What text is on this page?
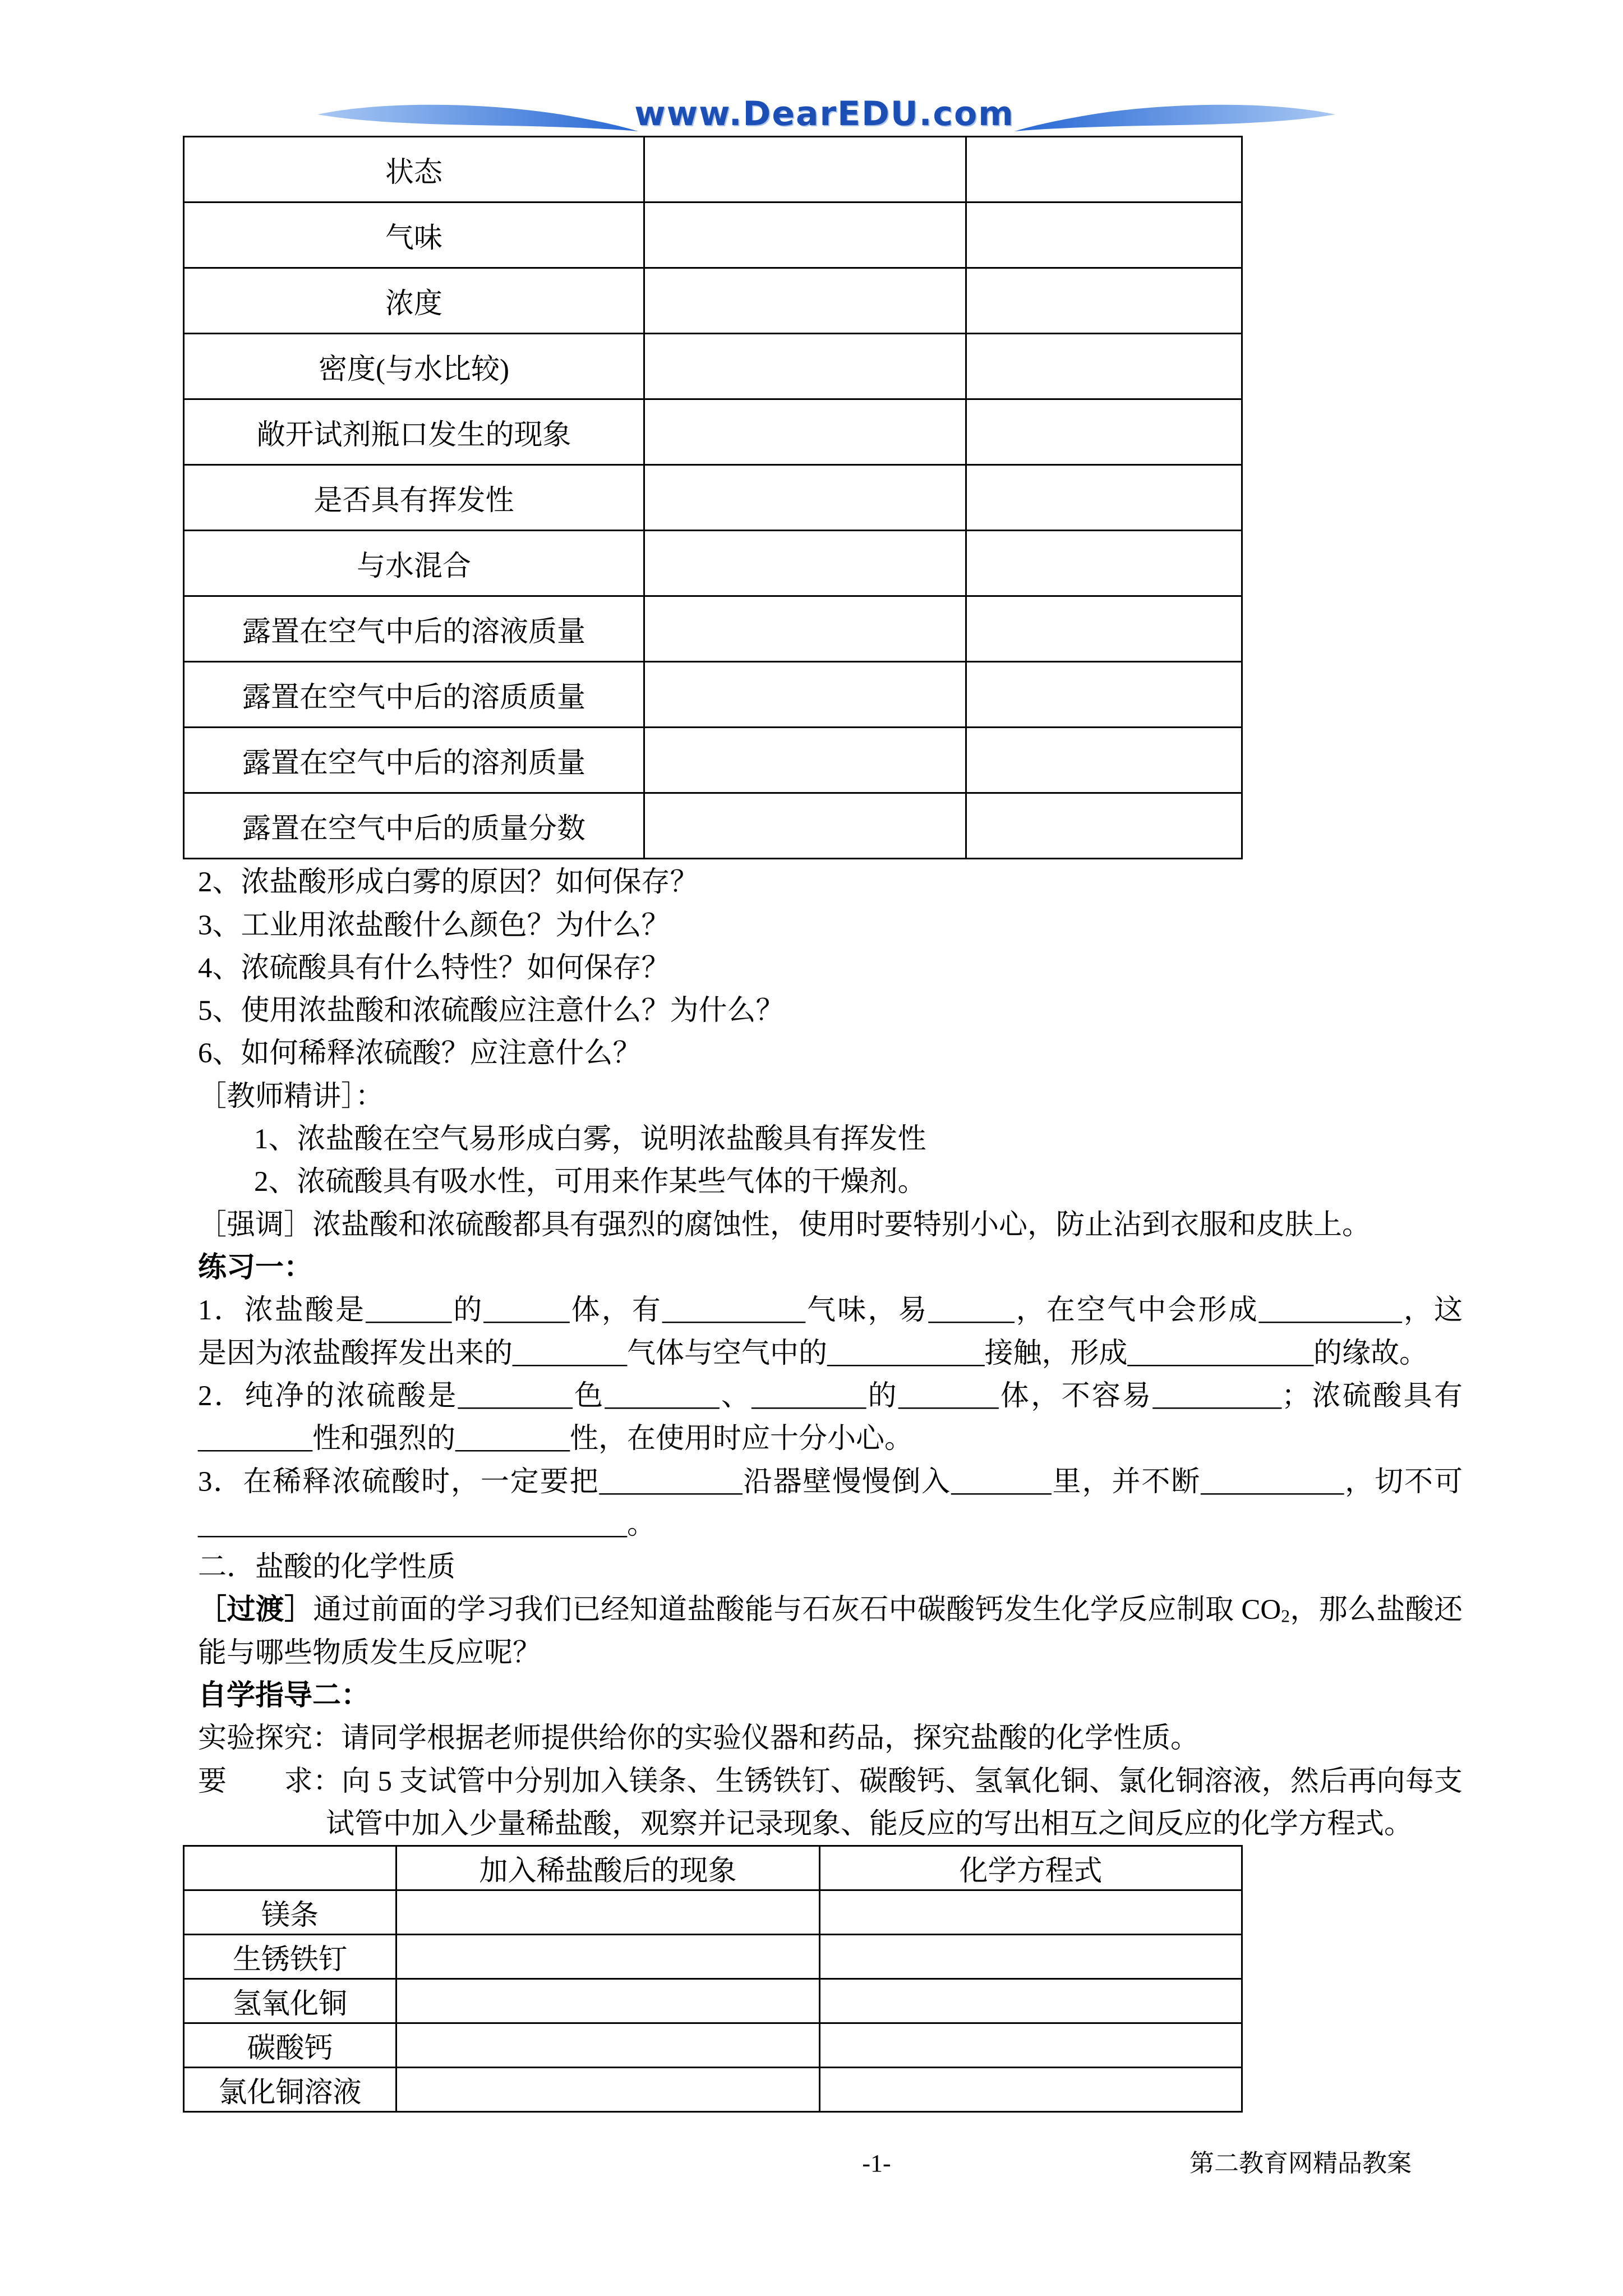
www.DearEDU.com
状态		
气味		
浓度		
密度(与水比较)		
敞开试剂瓶口发生的现象		
是否具有挥发性		
与水混合		
露置在空气中后的溶液质量		
露置在空气中后的溶质质量		
露置在空气中后的溶剂质量		
露置在空气中后的质量分数		
2、浓盐酸形成白雾的原因？如何保存？
3、工业用浓盐酸什么颜色？为什么？
4、浓硫酸具有什么特性？如何保存？
5、使用浓盐酸和浓硫酸应注意什么？为什么？
6、如何稀释浓硫酸？应注意什么？
［教师精讲］：
1、浓盐酸在空气易形成白雾，说明浓盐酸具有挥发性
2、浓硫酸具有吸水性，可用来作某些气体的干燥剂。
［强调］浓盐酸和浓硫酸都具有强烈的腐蚀性，使用时要特别小心，防止沾到衣服和皮肤上。
练习一：
1．浓盐酸是______的______体，有__________气味，易______，在空气中会形成__________，这
是因为浓盐酸挥发出来的________气体与空气中的___________接触，形成_____________的缘故。
2．纯净的浓硫酸是________色________、________的_______体，不容易_________；浓硫酸具有
________性和强烈的________性，在使用时应十分小心。
3．在稀释浓硫酸时，一定要把__________沿器壁慢慢倒入_______里，并不断__________，切不可
______________________________。
二．盐酸的化学性质
［过渡］通过前面的学习我们已经知道盐酸能与石灰石中碳酸钙发生化学反应制取 $CO_2$，那么盐酸还
能与哪些物质发生反应呢？
自学指导二：
实验探究：请同学根据老师提供给你的实验仪器和药品，探究盐酸的化学性质。
要　　求：向 5 支试管中分别加入镁条、生锈铁钉、碳酸钙、氢氧化铜、氯化铜溶液，然后再向每支
试管中加入少量稀盐酸，观察并记录现象、能反应的写出相互之间反应的化学方程式。
	加入稀盐酸后的现象	化学方程式
镁条		
生锈铁钉		
氢氧化铜		
碳酸钙		
氯化铜溶液		
-1-	第二教育网精品教案
